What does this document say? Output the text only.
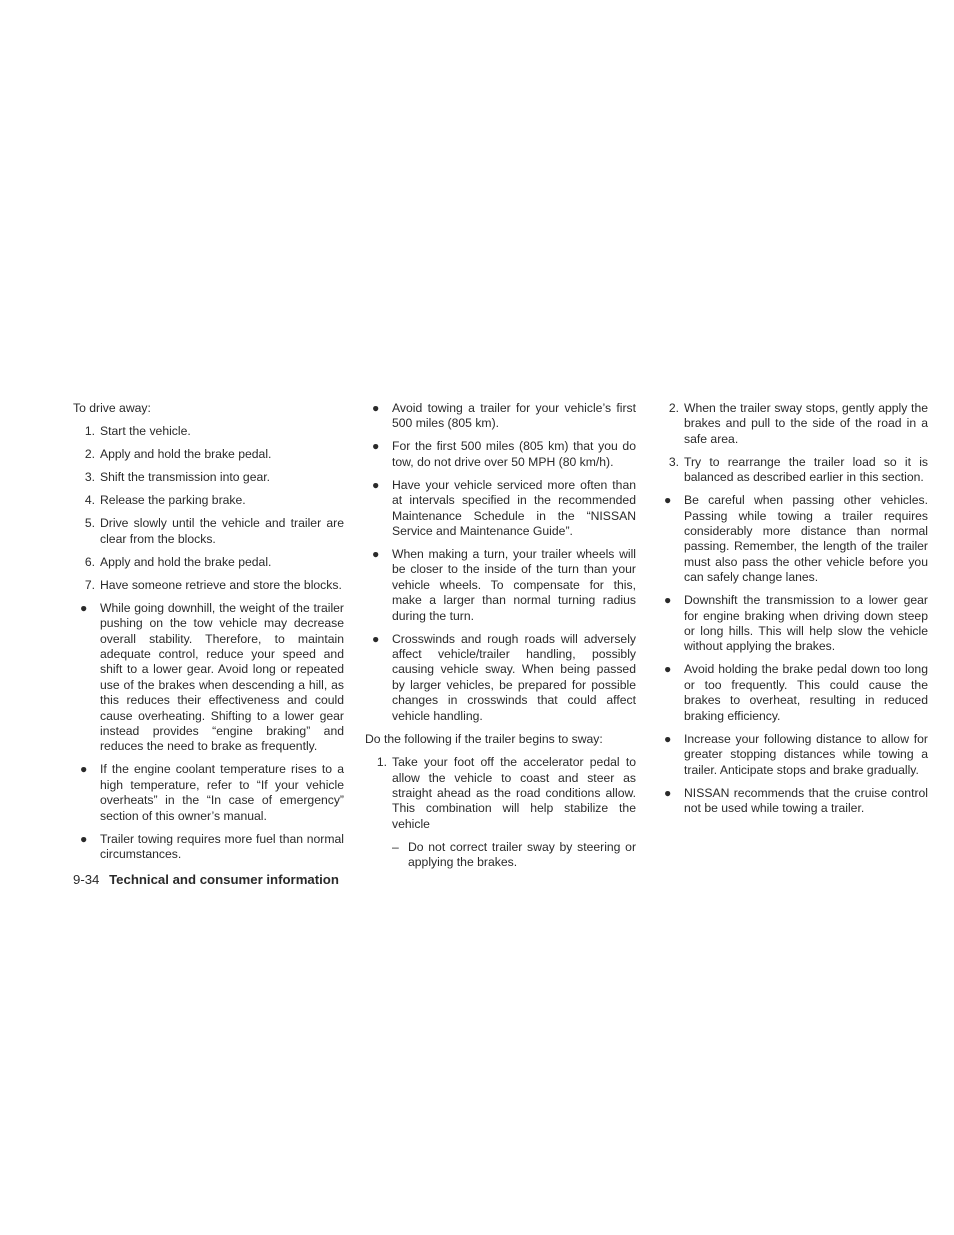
To drive away:

1. Start the vehicle.
2. Apply and hold the brake pedal.
3. Shift the transmission into gear.
4. Release the parking brake.
5. Drive slowly until the vehicle and trailer are clear from the blocks.
6. Apply and hold the brake pedal.
7. Have someone retrieve and store the blocks.
● While going downhill, the weight of the trailer pushing on the tow vehicle may decrease overall stability. Therefore, to maintain adequate control, reduce your speed and shift to a lower gear. Avoid long or repeated use of the brakes when descending a hill, as this reduces their effectiveness and could cause overheating. Shifting to a lower gear instead provides “engine braking” and reduces the need to brake as frequently.
● If the engine coolant temperature rises to a high temperature, refer to “If your vehicle overheats” in the “In case of emergency” section of this owner’s manual.
● Trailer towing requires more fuel than normal circumstances.
● Avoid towing a trailer for your vehicle’s first 500 miles (805 km).
● For the first 500 miles (805 km) that you do tow, do not drive over 50 MPH (80 km/h).
● Have your vehicle serviced more often than at intervals specified in the recommended Maintenance Schedule in the “NISSAN Service and Maintenance Guide”.
● When making a turn, your trailer wheels will be closer to the inside of the turn than your vehicle wheels. To compensate for this, make a larger than normal turning radius during the turn.
● Crosswinds and rough roads will adversely affect vehicle/trailer handling, possibly causing vehicle sway. When being passed by larger vehicles, be prepared for possible changes in crosswinds that could affect vehicle handling.

Do the following if the trailer begins to sway:

1. Take your foot off the accelerator pedal to allow the vehicle to coast and steer as straight ahead as the road conditions allow. This combination will help stabilize the vehicle
– Do not correct trailer sway by steering or applying the brakes.
2. When the trailer sway stops, gently apply the brakes and pull to the side of the road in a safe area.
3. Try to rearrange the trailer load so it is balanced as described earlier in this section.
● Be careful when passing other vehicles. Passing while towing a trailer requires considerably more distance than normal passing. Remember, the length of the trailer must also pass the other vehicle before you can safely change lanes.
● Downshift the transmission to a lower gear for engine braking when driving down steep or long hills. This will help slow the vehicle without applying the brakes.
● Avoid holding the brake pedal down too long or too frequently. This could cause the brakes to overheat, resulting in reduced braking efficiency.
● Increase your following distance to allow for greater stopping distances while towing a trailer. Anticipate stops and brake gradually.
● NISSAN recommends that the cruise control not be used while towing a trailer.
9-34 Technical and consumer information
